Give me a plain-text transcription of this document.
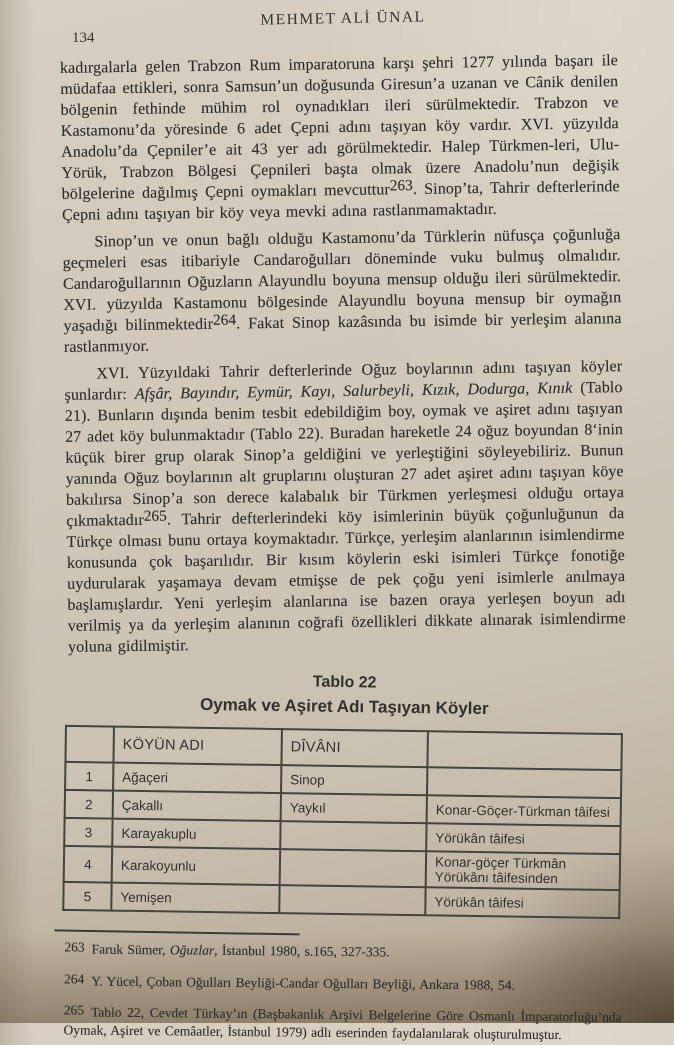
MEHMET ALİ ÜNAL
134

kadırgalarla gelen Trabzon Rum imparatoruna karşı şehri 1277 yılında başarı ile müdafaa ettikleri, sonra Samsun’un doğusunda Giresun’a uzanan ve Cânik denilen bölgenin fethinde mühim rol oynadıkları ileri sürülmektedir. Trabzon ve Kastamonu’da yöresinde 6 adet Çepni adını taşıyan köy vardır. XVI. yüzyılda Anadolu’da Çepniler’e ait 43 yer adı görülmektedir. Halep Türkmen-leri, Ulu-Yörük, Trabzon Bölgesi Çepnileri başta olmak üzere Anadolu’nun değişik bölgelerine dağılmış Çepni oymakları mevcuttur263. Sinop’ta, Tahrir defterlerinde Çepni adını taşıyan bir köy veya mevki adına rastlanmamaktadır.

Sinop’un ve onun bağlı olduğu Kastamonu’da Türklerin nüfusça çoğunluğa geçmeleri esas itibariyle Candaroğulları döneminde vuku bulmuş olmalıdır. Candaroğullarının Oğuzların Alayundlu boyuna mensup olduğu ileri sürülmektedir. XVI. yüzyılda Kastamonu bölgesinde Alayundlu boyuna mensup bir oymağın yaşadığı bilinmektedir264. Fakat Sinop kazâsında bu isimde bir yerleşim alanına rastlanmıyor.

XVI. Yüzyıldaki Tahrir defterlerinde Oğuz boylarının adını taşıyan köyler şunlardır: Afşâr, Bayındır, Eymür, Kayı, Salurbeyli, Kızık, Dodurga, Kınık (Tablo 21). Bunların dışında benim tesbit edebildiğim boy, oymak ve aşiret adını taşıyan 27 adet köy bulunmaktadır (Tablo 22). Buradan hareketle 24 oğuz boyundan 8‘inin küçük birer grup olarak Sinop’a geldiğini ve yerleştiğini söyleyebiliriz. Bunun yanında Oğuz boylarının alt gruplarını oluşturan 27 adet aşiret adını taşıyan köye bakılırsa Sinop’a son derece kalabalık bir Türkmen yerleşmesi olduğu ortaya çıkmaktadır265. Tahrir defterlerindeki köy isimlerinin büyük çoğunluğunun da Türkçe olması bunu ortaya koymaktadır. Türkçe, yerleşim alanlarının isimlendirme konusunda çok başarılıdır. Bir kısım köylerin eski isimleri Türkçe fonotiğe uydurularak yaşamaya devam etmişse de pek çoğu yeni isimlerle anılmaya başlamışlardır. Yeni yerleşim alanlarına ise bazen oraya yerleşen boyun adı verilmiş ya da yerleşim alanının coğrafi özellikleri dikkate alınarak isimlendirme yoluna gidilmiştir.

Tablo 22
Oymak ve Aşiret Adı Taşıyan Köyler
	KÖYÜN ADI	DÎVÂNI	
1	Ağaçeri	Sinop	
2	Çakallı	Yaykıl	Konar-Göçer-Türkman tâifesi
3	Karayakuplu		Yörükân tâifesi
4	Karakoyunlu		Konar-göçer Türkmân Yörükânı tâifesinden
5	Yemişen		Yörükân tâifesi

263 Faruk Sümer, Oğuzlar, İstanbul 1980, s.165, 327-335.

264 Y. Yücel, Çoban Oğulları Beyliği-Candar Oğulları Beyliği, Ankara 1988, 54.

265 Tablo 22, Cevdet Türkay’ın (Başbakanlık Arşivi Belgelerine Göre Osmanlı İmparatorluğu’nda Oymak, Aşiret ve Cemâatler, İstanbul 1979) adlı eserinden faydalanılarak oluşturulmuştur.
